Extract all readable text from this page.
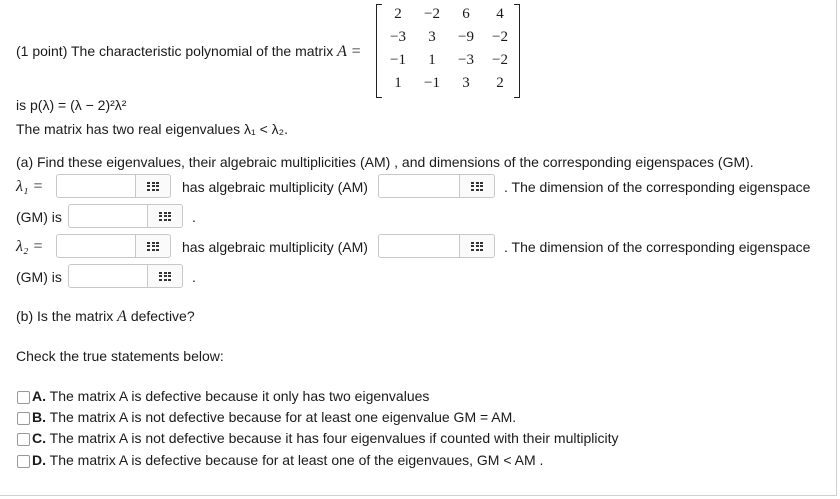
(1 point) The characteristic polynomial of the matrix A =
2	−2	6	4
−3	3	−9	−2
−1	1	−3	−2
1	−1	3	2
is p(λ) = (λ − 2)²λ²
The matrix has two real eigenvalues λ₁ < λ₂.
(a) Find these eigenvalues, their algebraic multiplicities (AM) , and dimensions of the corresponding eigenspaces (GM).
λ₁ =	has algebraic multiplicity (AM)	. The dimension of the corresponding eigenspace
(GM) is	.
λ₂ =	has algebraic multiplicity (AM)	. The dimension of the corresponding eigenspace
(GM) is	.
(b) Is the matrix A defective?
Check the true statements below:
A. The matrix A is defective because it only has two eigenvalues
B. The matrix A is not defective because for at least one eigenvalue GM = AM.
C. The matrix A is not defective because it has four eigenvalues if counted with their multiplicity
D. The matrix A is defective because for at least one of the eigenvaues, GM < AM .
